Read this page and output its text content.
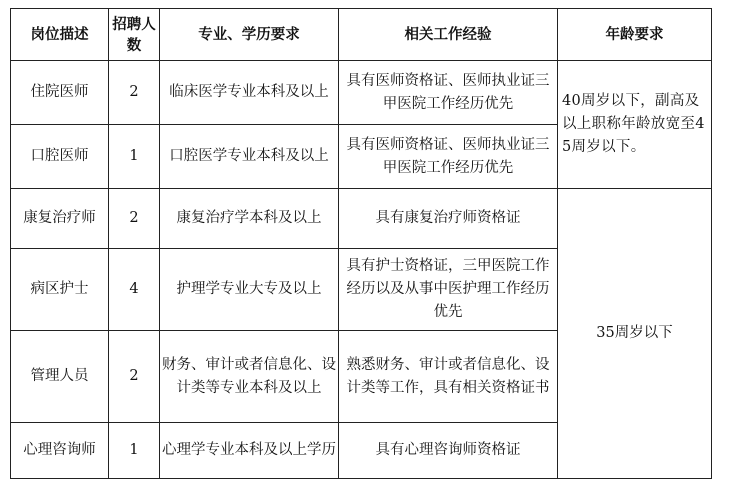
岗位描述	招聘人数	专业、学历要求	相关工作经验	年龄要求
住院医师	2	临床医学专业本科及以上	具有医师资格证、医师执业证三甲医院工作经历优先	40周岁以下，副高及以上职称年龄放宽至45周岁以下。
口腔医师	1	口腔医学专业本科及以上	具有医师资格证、医师执业证三甲医院工作经历优先	
康复治疗师	2	康复治疗学本科及以上	具有康复治疗师资格证	35周岁以下
病区护士	4	护理学专业大专及以上	具有护士资格证，三甲医院工作经历以及从事中医护理工作经历优先	
管理人员	2	财务、审计或者信息化、设计类等专业本科及以上	熟悉财务、审计或者信息化、设计类等工作，具有相关资格证书	
心理咨询师	1	心理学专业本科及以上学历	具有心理咨询师资格证	
